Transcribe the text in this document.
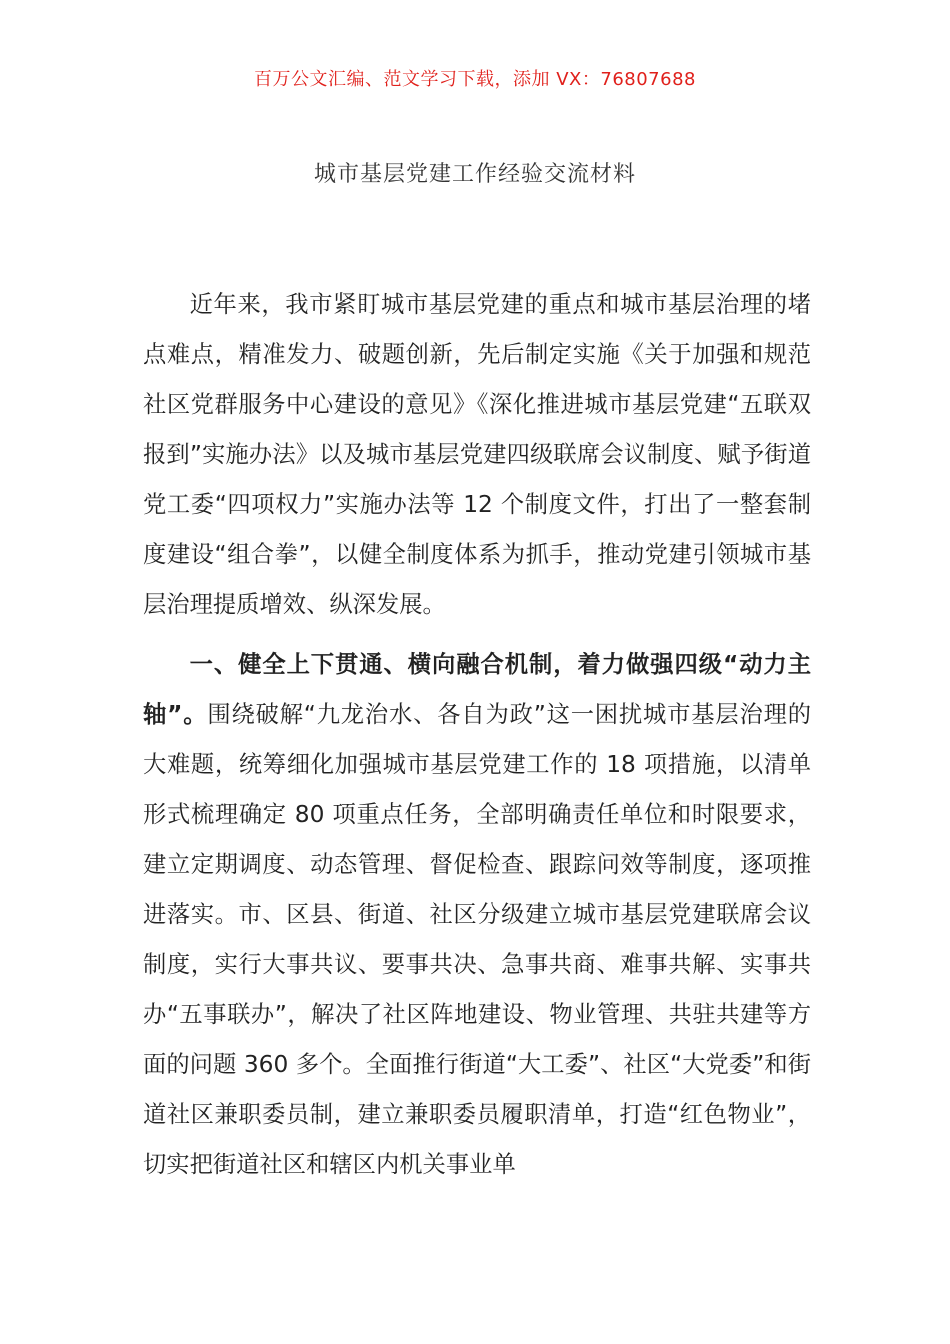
百万公文汇编、范文学习下载，添加 VX：76807688
城市基层党建工作经验交流材料

近年来，我市紧盯城市基层党建的重点和城市基层治理的堵点难点，精准发力、破题创新，先后制定实施《关于加强和规范社区党群服务中心建设的意见》《深化推进城市基层党建“五联双报到”实施办法》以及城市基层党建四级联席会议制度、赋予街道党工委“四项权力”实施办法等 12 个制度文件，打出了一整套制度建设“组合拳”，以健全制度体系为抓手，推动党建引领城市基层治理提质增效、纵深发展。

一、健全上下贯通、横向融合机制，着力做强四级“动力主轴”。围绕破解“九龙治水、各自为政”这一困扰城市基层治理的大难题，统筹细化加强城市基层党建工作的 18 项措施，以清单形式梳理确定 80 项重点任务，全部明确责任单位和时限要求，建立定期调度、动态管理、督促检查、跟踪问效等制度，逐项推进落实。市、区县、街道、社区分级建立城市基层党建联席会议制度，实行大事共议、要事共决、急事共商、难事共解、实事共办“五事联办”，解决了社区阵地建设、物业管理、共驻共建等方面的问题 360 多个。全面推行街道“大工委”、社区“大党委”和街道社区兼职委员制，建立兼职委员履职清单，打造“红色物业”，切实把街道社区和辖区内机关事业单
